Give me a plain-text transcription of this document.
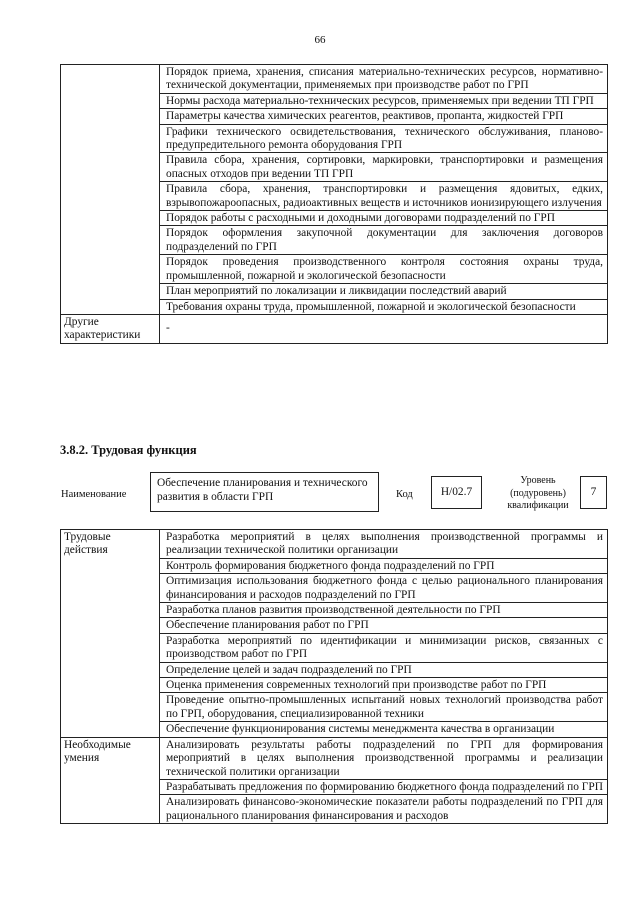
66
	Порядок приема, хранения, списания материально-технических ресурсов, нормативно-технической документации, применяемых при производстве работ по ГРП
	Нормы расхода материально-технических ресурсов, применяемых при ведении ТП ГРП
	Параметры качества химических реагентов, реактивов, пропанта, жидкостей ГРП
	Графики технического освидетельствования, технического обслуживания, планово-предупредительного ремонта оборудования ГРП
	Правила сбора, хранения, сортировки, маркировки, транспортировки и размещения опасных отходов при ведении ТП ГРП
	Правила сбора, хранения, транспортировки и размещения ядовитых, едких, взрывопожароопасных, радиоактивных веществ и источников ионизирующего излучения
	Порядок работы с расходными и доходными договорами подразделений по ГРП
	Порядок оформления закупочной документации для заключения договоров подразделений по ГРП
	Порядок проведения производственного контроля состояния охраны труда, промышленной, пожарной и экологической безопасности
	План мероприятий по локализации и ликвидации последствий аварий
	Требования охраны труда, промышленной, пожарной и экологической безопасности
Другие характеристики	-
3.8.2. Трудовая функция
Наименование
Обеспечение планирования и технического развития в области ГРП	Код	H/02.7
Уровень (подуровень) квалификации
7
Трудовые действия	Разработка мероприятий в целях выполнения производственной программы и реализации технической политики организации
	Контроль формирования бюджетного фонда подразделений по ГРП
	Оптимизация использования бюджетного фонда с целью рационального планирования финансирования и расходов подразделений по ГРП
	Разработка планов развития производственной деятельности по ГРП
	Обеспечение планирования работ по ГРП
	Разработка мероприятий по идентификации и минимизации рисков, связанных с производством работ по ГРП
	Определение целей и задач подразделений по ГРП
	Оценка применения современных технологий при производстве работ по ГРП
	Проведение опытно-промышленных испытаний новых технологий производства работ по ГРП, оборудования, специализированной техники
	Обеспечение функционирования системы менеджмента качества в организации
Необходимые умения	Анализировать результаты работы подразделений по ГРП для формирования мероприятий в целях выполнения производственной программы и реализации технической политики организации
	Разрабатывать предложения по формированию бюджетного фонда подразделений по ГРП
	Анализировать финансово-экономические показатели работы подразделений по ГРП для рационального планирования финансирования и расходов
